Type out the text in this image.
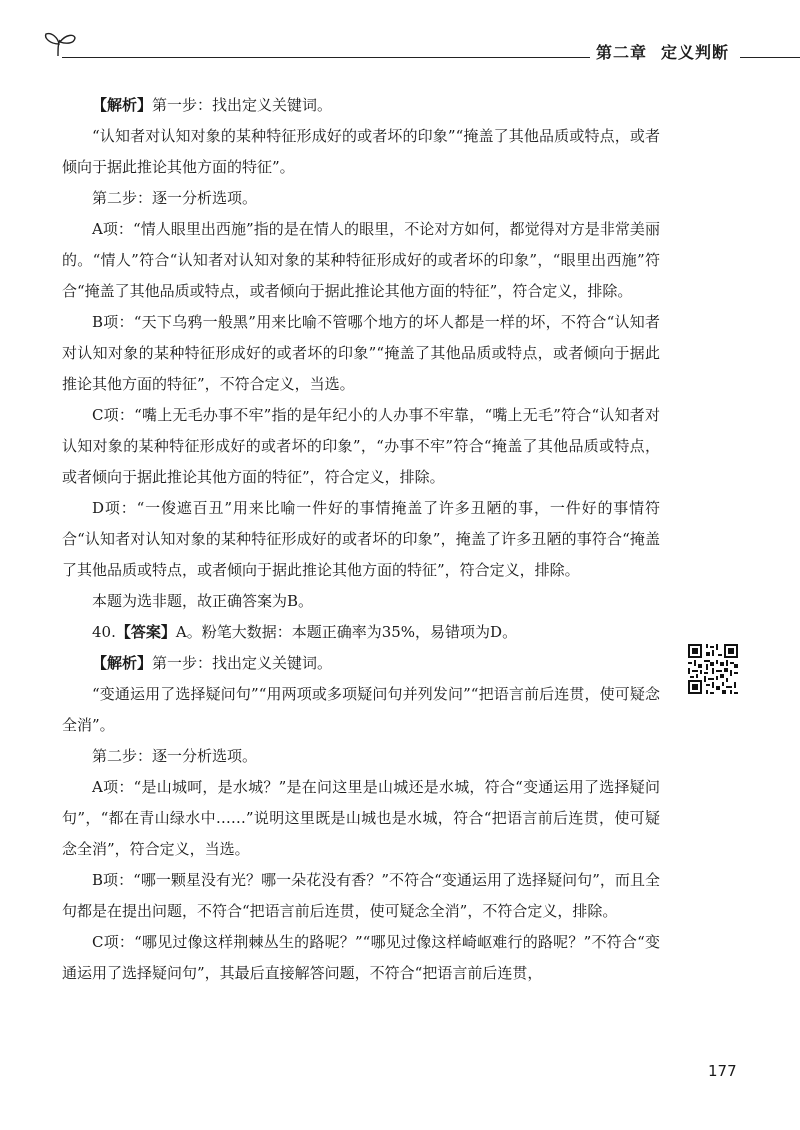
第二章 定义判断

【解析】第一步：找出定义关键词。

“认知者对认知对象的某种特征形成好的或者坏的印象”“掩盖了其他品质或特点，或者倾向于据此推论其他方面的特征”。

第二步：逐一分析选项。

A项：“情人眼里出西施”指的是在情人的眼里，不论对方如何，都觉得对方是非常美丽的。“情人”符合“认知者对认知对象的某种特征形成好的或者坏的印象”，“眼里出西施”符合“掩盖了其他品质或特点，或者倾向于据此推论其他方面的特征”，符合定义，排除。

B项：“天下乌鸦一般黑”用来比喻不管哪个地方的坏人都是一样的坏，不符合“认知者对认知对象的某种特征形成好的或者坏的印象”“掩盖了其他品质或特点，或者倾向于据此推论其他方面的特征”，不符合定义，当选。

C项：“嘴上无毛办事不牢”指的是年纪小的人办事不牢靠，“嘴上无毛”符合“认知者对认知对象的某种特征形成好的或者坏的印象”，“办事不牢”符合“掩盖了其他品质或特点，或者倾向于据此推论其他方面的特征”，符合定义，排除。

D项：“一俊遮百丑”用来比喻一件好的事情掩盖了许多丑陋的事，一件好的事情符合“认知者对认知对象的某种特征形成好的或者坏的印象”，掩盖了许多丑陋的事符合“掩盖了其他品质或特点，或者倾向于据此推论其他方面的特征”，符合定义，排除。

本题为选非题，故正确答案为B。

40.【答案】A。粉笔大数据：本题正确率为35%，易错项为D。

【解析】第一步：找出定义关键词。

“变通运用了选择疑问句”“用两项或多项疑问句并列发问”“把语言前后连贯，使可疑念全消”。

第二步：逐一分析选项。

A项：“是山城呵，是水城？”是在问这里是山城还是水城，符合“变通运用了选择疑问句”，“都在青山绿水中……”说明这里既是山城也是水城，符合“把语言前后连贯，使可疑念全消”，符合定义，当选。

B项：“哪一颗星没有光？哪一朵花没有香？”不符合“变通运用了选择疑问句”，而且全句都是在提出问题，不符合“把语言前后连贯，使可疑念全消”，不符合定义，排除。

C项：“哪见过像这样荆棘丛生的路呢？”“哪见过像这样崎岖难行的路呢？”不符合“变通运用了选择疑问句”，其最后直接解答问题，不符合“把语言前后连贯，

177
